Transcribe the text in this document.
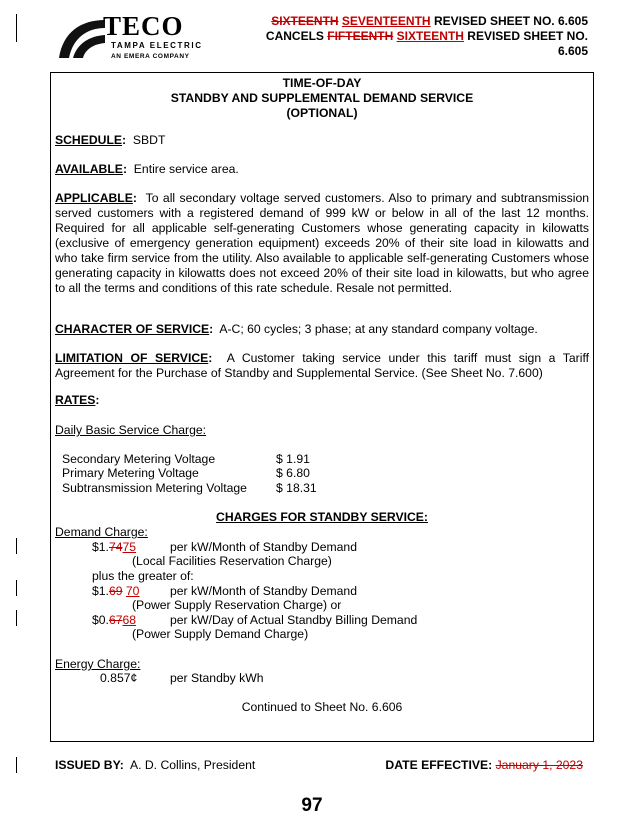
TECO
TAMPA ELECTRIC
AN EMERA COMPANY
SIXTEENTH SEVENTEENTH REVISED SHEET NO. 6.605
CANCELS FIFTEENTH SIXTEENTH REVISED SHEET NO.
6.605
TIME-OF-DAY
STANDBY AND SUPPLEMENTAL DEMAND SERVICE
(OPTIONAL)
SCHEDULE: SBDT
AVAILABLE: Entire service area.
APPLICABLE: To all secondary voltage served customers. Also to primary and subtransmission served customers with a registered demand of 999 kW or below in all of the last 12 months. Required for all applicable self-generating Customers whose generating capacity in kilowatts (exclusive of emergency generation equipment) exceeds 20% of their site load in kilowatts and who take firm service from the utility. Also available to applicable self-generating Customers whose generating capacity in kilowatts does not exceed 20% of their site load in kilowatts, but who agree to all the terms and conditions of this rate schedule. Resale not permitted.
CHARACTER OF SERVICE: A-C; 60 cycles; 3 phase; at any standard company voltage.
LIMITATION OF SERVICE: A Customer taking service under this tariff must sign a Tariff Agreement for the Purchase of Standby and Supplemental Service. (See Sheet No. 7.600)
RATES:
Daily Basic Service Charge:
Secondary Metering Voltage	$ 1.91
Primary Metering Voltage	$ 6.80
Subtransmission Metering Voltage $ 18.31
CHARGES FOR STANDBY SERVICE:
Demand Charge:
$1.7475	per kW/Month of Standby Demand
(Local Facilities Reservation Charge)
plus the greater of:
$1.69 70	per kW/Month of Standby Demand
(Power Supply Reservation Charge) or
$0.6768	per kW/Day of Actual Standby Billing Demand
(Power Supply Demand Charge)
Energy Charge:
0.857¢	per Standby kWh
Continued to Sheet No. 6.606
ISSUED BY: A. D. Collins, President	DATE EFFECTIVE: January 1, 2023
97
